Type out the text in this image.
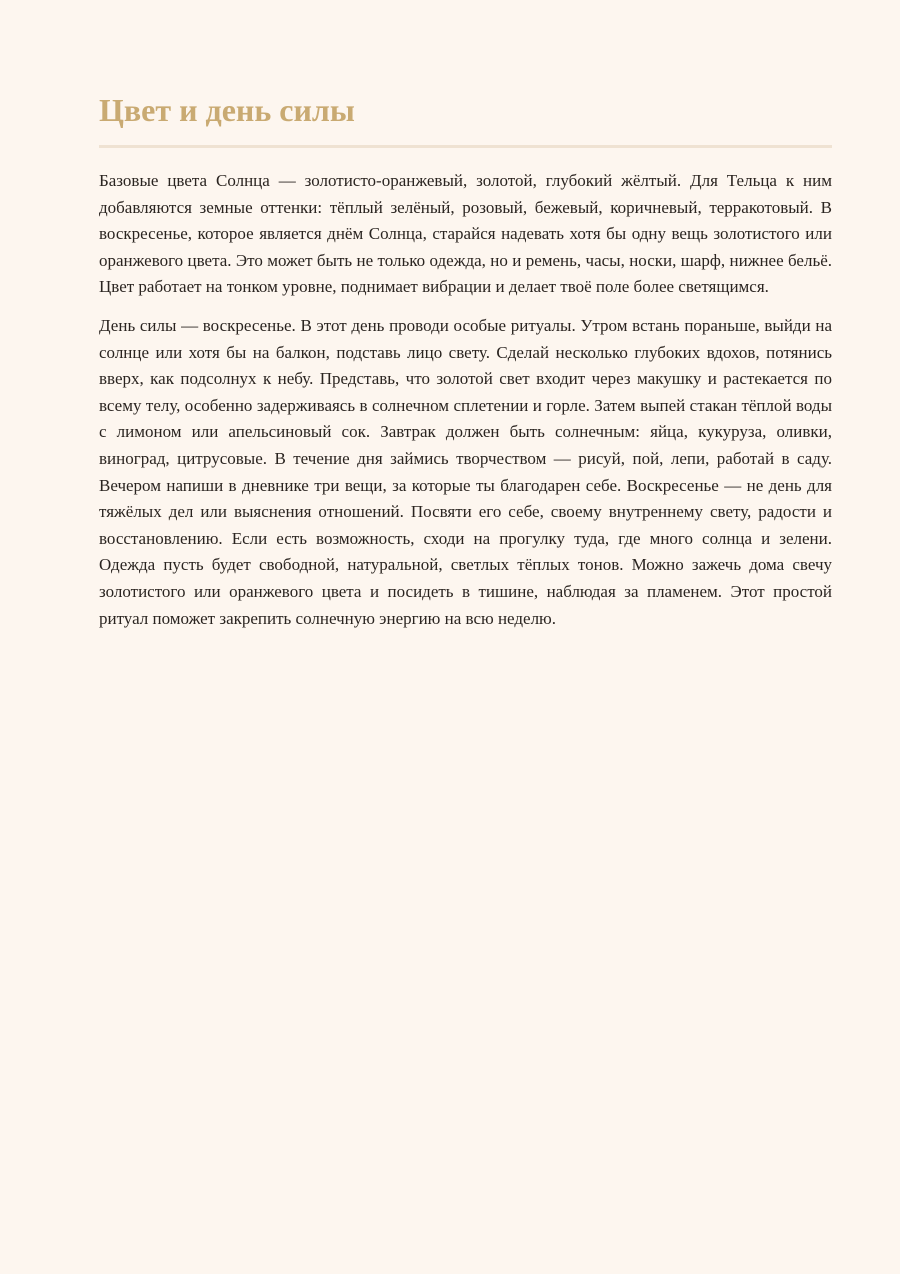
Цвет и день силы

Базовые цвета Солнца — золотисто-оранжевый, золотой, глубокий жёлтый. Для Тельца к ним добавляются земные оттенки: тёплый зелёный, розовый, бежевый, коричневый, терракотовый. В воскресенье, которое является днём Солнца, старайся надевать хотя бы одну вещь золотистого или оранжевого цвета. Это может быть не только одежда, но и ремень, часы, носки, шарф, нижнее бельё. Цвет работает на тонком уровне, поднимает вибрации и делает твоё поле более светящимся.

День силы — воскресенье. В этот день проводи особые ритуалы. Утром встань пораньше, выйди на солнце или хотя бы на балкон, подставь лицо свету. Сделай несколько глубоких вдохов, потянись вверх, как подсолнух к небу. Представь, что золотой свет входит через макушку и растекается по всему телу, особенно задерживаясь в солнечном сплетении и горле. Затем выпей стакан тёплой воды с лимоном или апельсиновый сок. Завтрак должен быть солнечным: яйца, кукуруза, оливки, виноград, цитрусовые. В течение дня займись творчеством — рисуй, пой, лепи, работай в саду. Вечером напиши в дневнике три вещи, за которые ты благодарен себе. Воскресенье — не день для тяжёлых дел или выяснения отношений. Посвяти его себе, своему внутреннему свету, радости и восстановлению. Если есть возможность, сходи на прогулку туда, где много солнца и зелени. Одежда пусть будет свободной, натуральной, светлых тёплых тонов. Можно зажечь дома свечу золотистого или оранжевого цвета и посидеть в тишине, наблюдая за пламенем. Этот простой ритуал поможет закрепить солнечную энергию на всю неделю.
